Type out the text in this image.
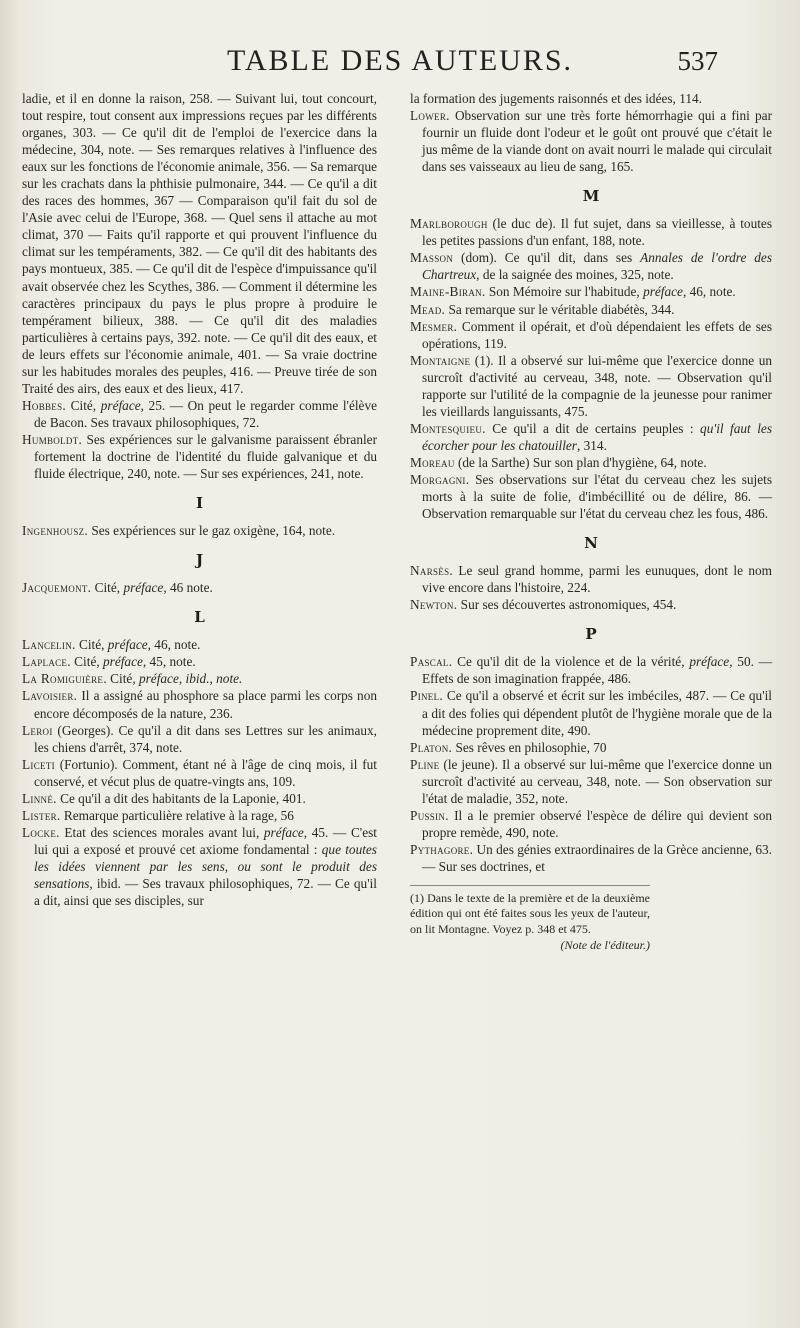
TABLE DES AUTEURS.	537

ladie, et il en donne la raison, 258. — Suivant lui, tout concourt, tout respire, tout consent aux impressions reçues par les différents organes, 303. — Ce qu'il dit de l'emploi de l'exercice dans la médecine, 304, note. — Ses remarques relatives à l'influence des eaux sur les fonctions de l'économie animale, 356. — Sa remarque sur les crachats dans la phthisie pulmonaire, 344. — Ce qu'il a dit des races des hommes, 367 — Comparaison qu'il fait du sol de l'Asie avec celui de l'Europe, 368. — Quel sens il attache au mot climat, 370 — Faits qu'il rapporte et qui prouvent l'influence du climat sur les tempéraments, 382. — Ce qu'il dit des habitants des pays montueux, 385. — Ce qu'il dit de l'espèce d'impuissance qu'il avait observée chez les Scythes, 386. — Comment il détermine les caractères principaux du pays le plus propre à produire le tempérament bilieux, 388. — Ce qu'il dit des maladies particulières à certains pays, 392. note. — Ce qu'il dit des eaux, et de leurs effets sur l'économie animale, 401. — Sa vraie doctrine sur les habitudes morales des peuples, 416. — Preuve tirée de son Traité des airs, des eaux et des lieux, 417.

Hobbes. Cité, préface, 25. — On peut le regarder comme l'élève de Bacon. Ses travaux philosophiques, 72.

Humboldt. Ses expériences sur le galvanisme paraissent ébranler fortement la doctrine de l'identité du fluide galvanique et du fluide électrique, 240, note. — Sur ses expériences, 241, note.

I

Ingenhousz. Ses expériences sur le gaz oxigène, 164, note.

J

Jacquemont. Cité, préface, 46 note.

L

Lancelin. Cité, préface, 46, note.

Laplace. Cité, préface, 45, note.

La Romiguière. Cité, préface, ibid., note.

Lavoisier. Il a assigné au phosphore sa place parmi les corps non encore décomposés de la nature, 236.

Leroi (Georges). Ce qu'il a dit dans ses Lettres sur les animaux, les chiens d'arrêt, 374, note.

Liceti (Fortunio). Comment, étant né à l'âge de cinq mois, il fut conservé, et vécut plus de quatre-vingts ans, 109.

Linné. Ce qu'il a dit des habitants de la Laponie, 401.

Lister. Remarque particulière relative à la rage, 56

Locke. Etat des sciences morales avant lui, préface, 45. — C'est lui qui a exposé et prouvé cet axiome fondamental : que toutes les idées viennent par les sens, ou sont le produit des sensations, ibid. — Ses travaux philosophiques, 72. — Ce qu'il a dit, ainsi que ses disciples, sur

la formation des jugements raisonnés et des idées, 114.

Lower. Observation sur une très forte hémorrhagie qui a fini par fournir un fluide dont l'odeur et le goût ont prouvé que c'était le jus même de la viande dont on avait nourri le malade qui circulait dans ses vaisseaux au lieu de sang, 165.

M

Marlborough (le duc de). Il fut sujet, dans sa vieillesse, à toutes les petites passions d'un enfant, 188, note.

Masson (dom). Ce qu'il dit, dans ses Annales de l'ordre des Chartreux, de la saignée des moines, 325, note.

Maine-Biran. Son Mémoire sur l'habitude, préface, 46, note.

Mead. Sa remarque sur le véritable diabétès, 344.

Mesmer. Comment il opérait, et d'où dépendaient les effets de ses opérations, 119.

Montaigne (1). Il a observé sur lui-même que l'exercice donne un surcroît d'activité au cerveau, 348, note. — Observation qu'il rapporte sur l'utilité de la compagnie de la jeunesse pour ranimer les vieillards languissants, 475.

Montesquieu. Ce qu'il a dit de certains peuples : qu'il faut les écorcher pour les chatouiller, 314.

Moreau (de la Sarthe) Sur son plan d'hygiène, 64, note.

Morgagni. Ses observations sur l'état du cerveau chez les sujets morts à la suite de folie, d'imbécillité ou de délire, 86. — Observation remarquable sur l'état du cerveau chez les fous, 486.

N

Narsès. Le seul grand homme, parmi les eunuques, dont le nom vive encore dans l'histoire, 224.

Newton. Sur ses découvertes astronomiques, 454.

P

Pascal. Ce qu'il dit de la violence et de la vérité, préface, 50. — Effets de son imagination frappée, 486.

Pinel. Ce qu'il a observé et écrit sur les imbéciles, 487. — Ce qu'il a dit des folies qui dépendent plutôt de l'hygiène morale que de la médecine proprement dite, 490.

Platon. Ses rêves en philosophie, 70

Pline (le jeune). Il a observé sur lui-même que l'exercice donne un surcroît d'activité au cerveau, 348, note. — Son observation sur l'état de maladie, 352, note.

Pussin. Il a le premier observé l'espèce de délire qui devient son propre remède, 490, note.

Pythagore. Un des génies extraordinaires de la Grèce ancienne, 63. — Sur ses doctrines, et

(1) Dans le texte de la première et de la deuxième édition qui ont été faites sous les yeux de l'auteur, on lit Montagne. Voyez p. 348 et 475.
(Note de l'éditeur.)
